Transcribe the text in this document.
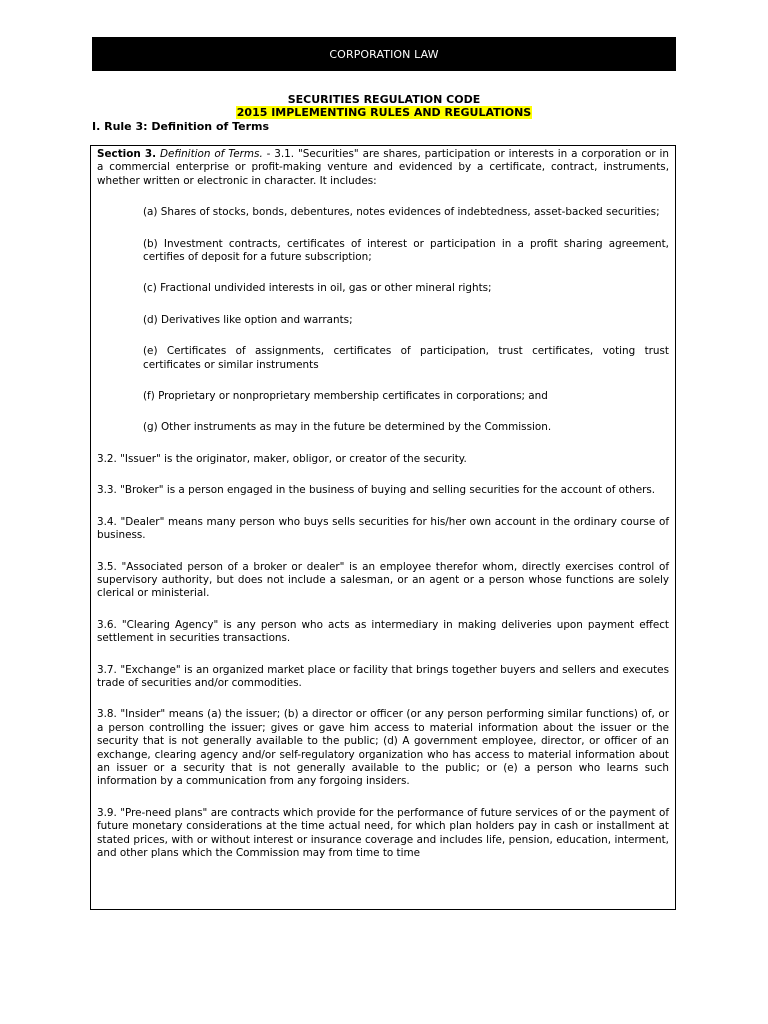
CORPORATION LAW
SECURITIES REGULATION CODE
2015 IMPLEMENTING RULES AND REGULATIONS
I. Rule 3: Definition of Terms

Section 3. Definition of Terms. - 3.1. "Securities" are shares, participation or interests in a corporation or in a commercial enterprise or profit-making venture and evidenced by a certificate, contract, instruments, whether written or electronic in character. It includes:

(a) Shares of stocks, bonds, debentures, notes evidences of indebtedness, asset-backed securities;

(b) Investment contracts, certificates of interest or participation in a profit sharing agreement, certifies of deposit for a future subscription;

(c) Fractional undivided interests in oil, gas or other mineral rights;

(d) Derivatives like option and warrants;

(e) Certificates of assignments, certificates of participation, trust certificates, voting trust certificates or similar instruments

(f) Proprietary or nonproprietary membership certificates in corporations; and

(g) Other instruments as may in the future be determined by the Commission.

3.2. "Issuer" is the originator, maker, obligor, or creator of the security.

3.3. "Broker" is a person engaged in the business of buying and selling securities for the account of others.

3.4. "Dealer" means many person who buys sells securities for his/her own account in the ordinary course of business.

3.5. "Associated person of a broker or dealer" is an employee therefor whom, directly exercises control of supervisory authority, but does not include a salesman, or an agent or a person whose functions are solely clerical or ministerial.

3.6. "Clearing Agency" is any person who acts as intermediary in making deliveries upon payment effect settlement in securities transactions.

3.7. "Exchange" is an organized market place or facility that brings together buyers and sellers and executes trade of securities and/or commodities.

3.8. "Insider" means (a) the issuer; (b) a director or officer (or any person performing similar functions) of, or a person controlling the issuer; gives or gave him access to material information about the issuer or the security that is not generally available to the public; (d) A government employee, director, or officer of an exchange, clearing agency and/or self-regulatory organization who has access to material information about an issuer or a security that is not generally available to the public; or (e) a person who learns such information by a communication from any forgoing insiders.

3.9. "Pre-need plans" are contracts which provide for the performance of future services of or the payment of future monetary considerations at the time actual need, for which plan holders pay in cash or installment at stated prices, with or without interest or insurance coverage and includes life, pension, education, interment, and other plans which the Commission may from time to time
